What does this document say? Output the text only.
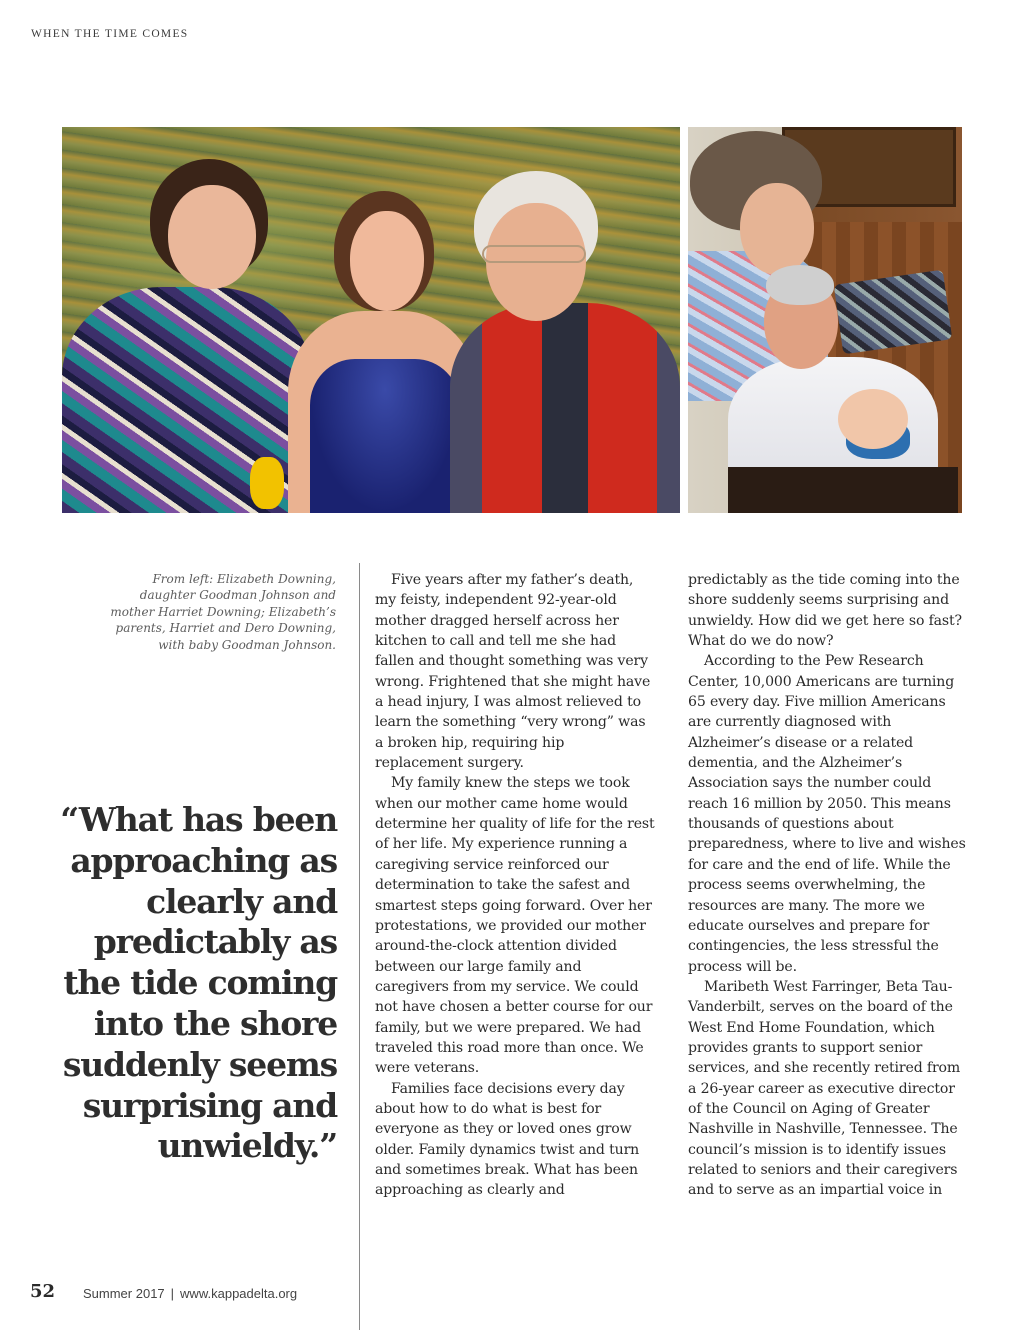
WHEN THE TIME COMES
From left: Elizabeth Downing, daughter Goodman Johnson and mother Harriet Downing; Elizabeth’s parents, Harriet and Dero Downing, with baby Goodman Johnson.
“What has been approaching as clearly and predictably as the tide coming into the shore suddenly seems surprising and unwieldy.”

Five years after my father’s death, my feisty, independent 92-year-old mother dragged herself across her kitchen to call and tell me she had fallen and thought something was very wrong. Frightened that she might have a head injury, I was almost relieved to learn the something “very wrong” was a broken hip, requiring hip replacement surgery.

My family knew the steps we took when our mother came home would determine her quality of life for the rest of her life. My experience running a caregiving service reinforced our determination to take the safest and smartest steps going forward. Over her protestations, we provided our mother around-the-clock attention divided between our large family and caregivers from my service. We could not have chosen a better course for our family, but we were prepared. We had traveled this road more than once. We were veterans.

Families face decisions every day about how to do what is best for everyone as they or loved ones grow older. Family dynamics twist and turn and sometimes break. What has been approaching as clearly and

predictably as the tide coming into the shore suddenly seems surprising and unwieldy. How did we get here so fast? What do we do now?

According to the Pew Research Center, 10,000 Americans are turning 65 every day. Five million Americans are currently diagnosed with Alzheimer’s disease or a related dementia, and the Alzheimer’s Association says the number could reach 16 million by 2050. This means thousands of questions about preparedness, where to live and wishes for care and the end of life. While the process seems overwhelming, the resources are many. The more we educate ourselves and prepare for contingencies, the less stressful the process will be.

Maribeth West Farringer, Beta Tau-Vanderbilt, serves on the board of the West End Home Foundation, which provides grants to support senior services, and she recently retired from a 26-year career as executive director of the Council on Aging of Greater Nashville in Nashville, Tennessee. The council’s mission is to identify issues related to seniors and their caregivers and to serve as an impartial voice in

52 Summer 2017 | www.kappadelta.org
